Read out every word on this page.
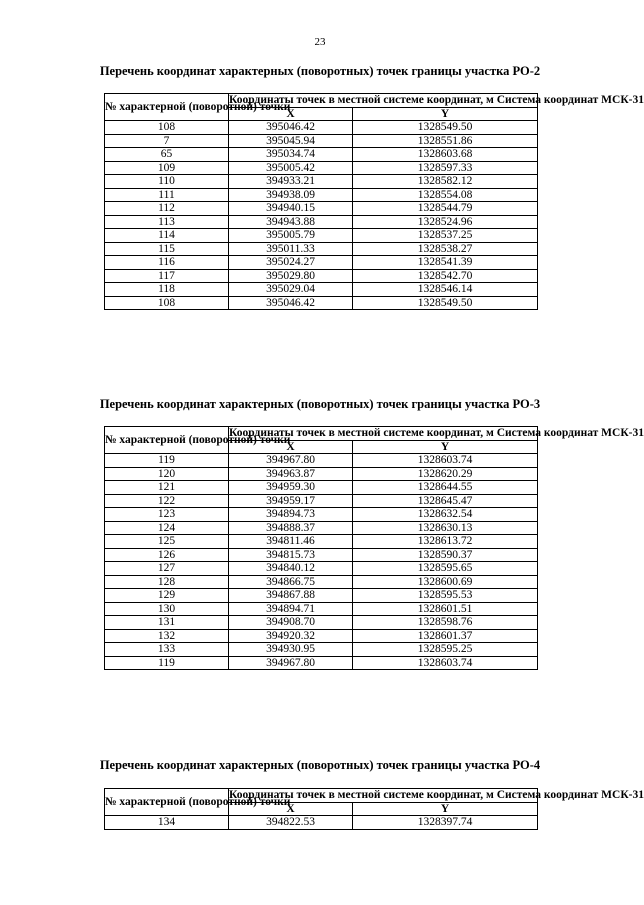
23
Перечень координат характерных (поворотных) точек границы участка РО-2
№ характерной (поворотной) точки	Координаты точек в местной системе координат, м Система координат МСК-31	
	X	Y
108	395046.42	1328549.50
7	395045.94	1328551.86
65	395034.74	1328603.68
109	395005.42	1328597.33
110	394933.21	1328582.12
111	394938.09	1328554.08
112	394940.15	1328544.79
113	394943.88	1328524.96
114	395005.79	1328537.25
115	395011.33	1328538.27
116	395024.27	1328541.39
117	395029.80	1328542.70
118	395029.04	1328546.14
108	395046.42	1328549.50
Перечень координат характерных (поворотных) точек границы участка РО-3
№ характерной (поворотной) точки	Координаты точек в местной системе координат, м Система координат МСК-31	
	X	Y
119	394967.80	1328603.74
120	394963.87	1328620.29
121	394959.30	1328644.55
122	394959.17	1328645.47
123	394894.73	1328632.54
124	394888.37	1328630.13
125	394811.46	1328613.72
126	394815.73	1328590.37
127	394840.12	1328595.65
128	394866.75	1328600.69
129	394867.88	1328595.53
130	394894.71	1328601.51
131	394908.70	1328598.76
132	394920.32	1328601.37
133	394930.95	1328595.25
119	394967.80	1328603.74
Перечень координат характерных (поворотных) точек границы участка РО-4
№ характерной (поворотной) точки	Координаты точек в местной системе координат, м Система координат МСК-31	
	X	Y
134	394822.53	1328397.74
